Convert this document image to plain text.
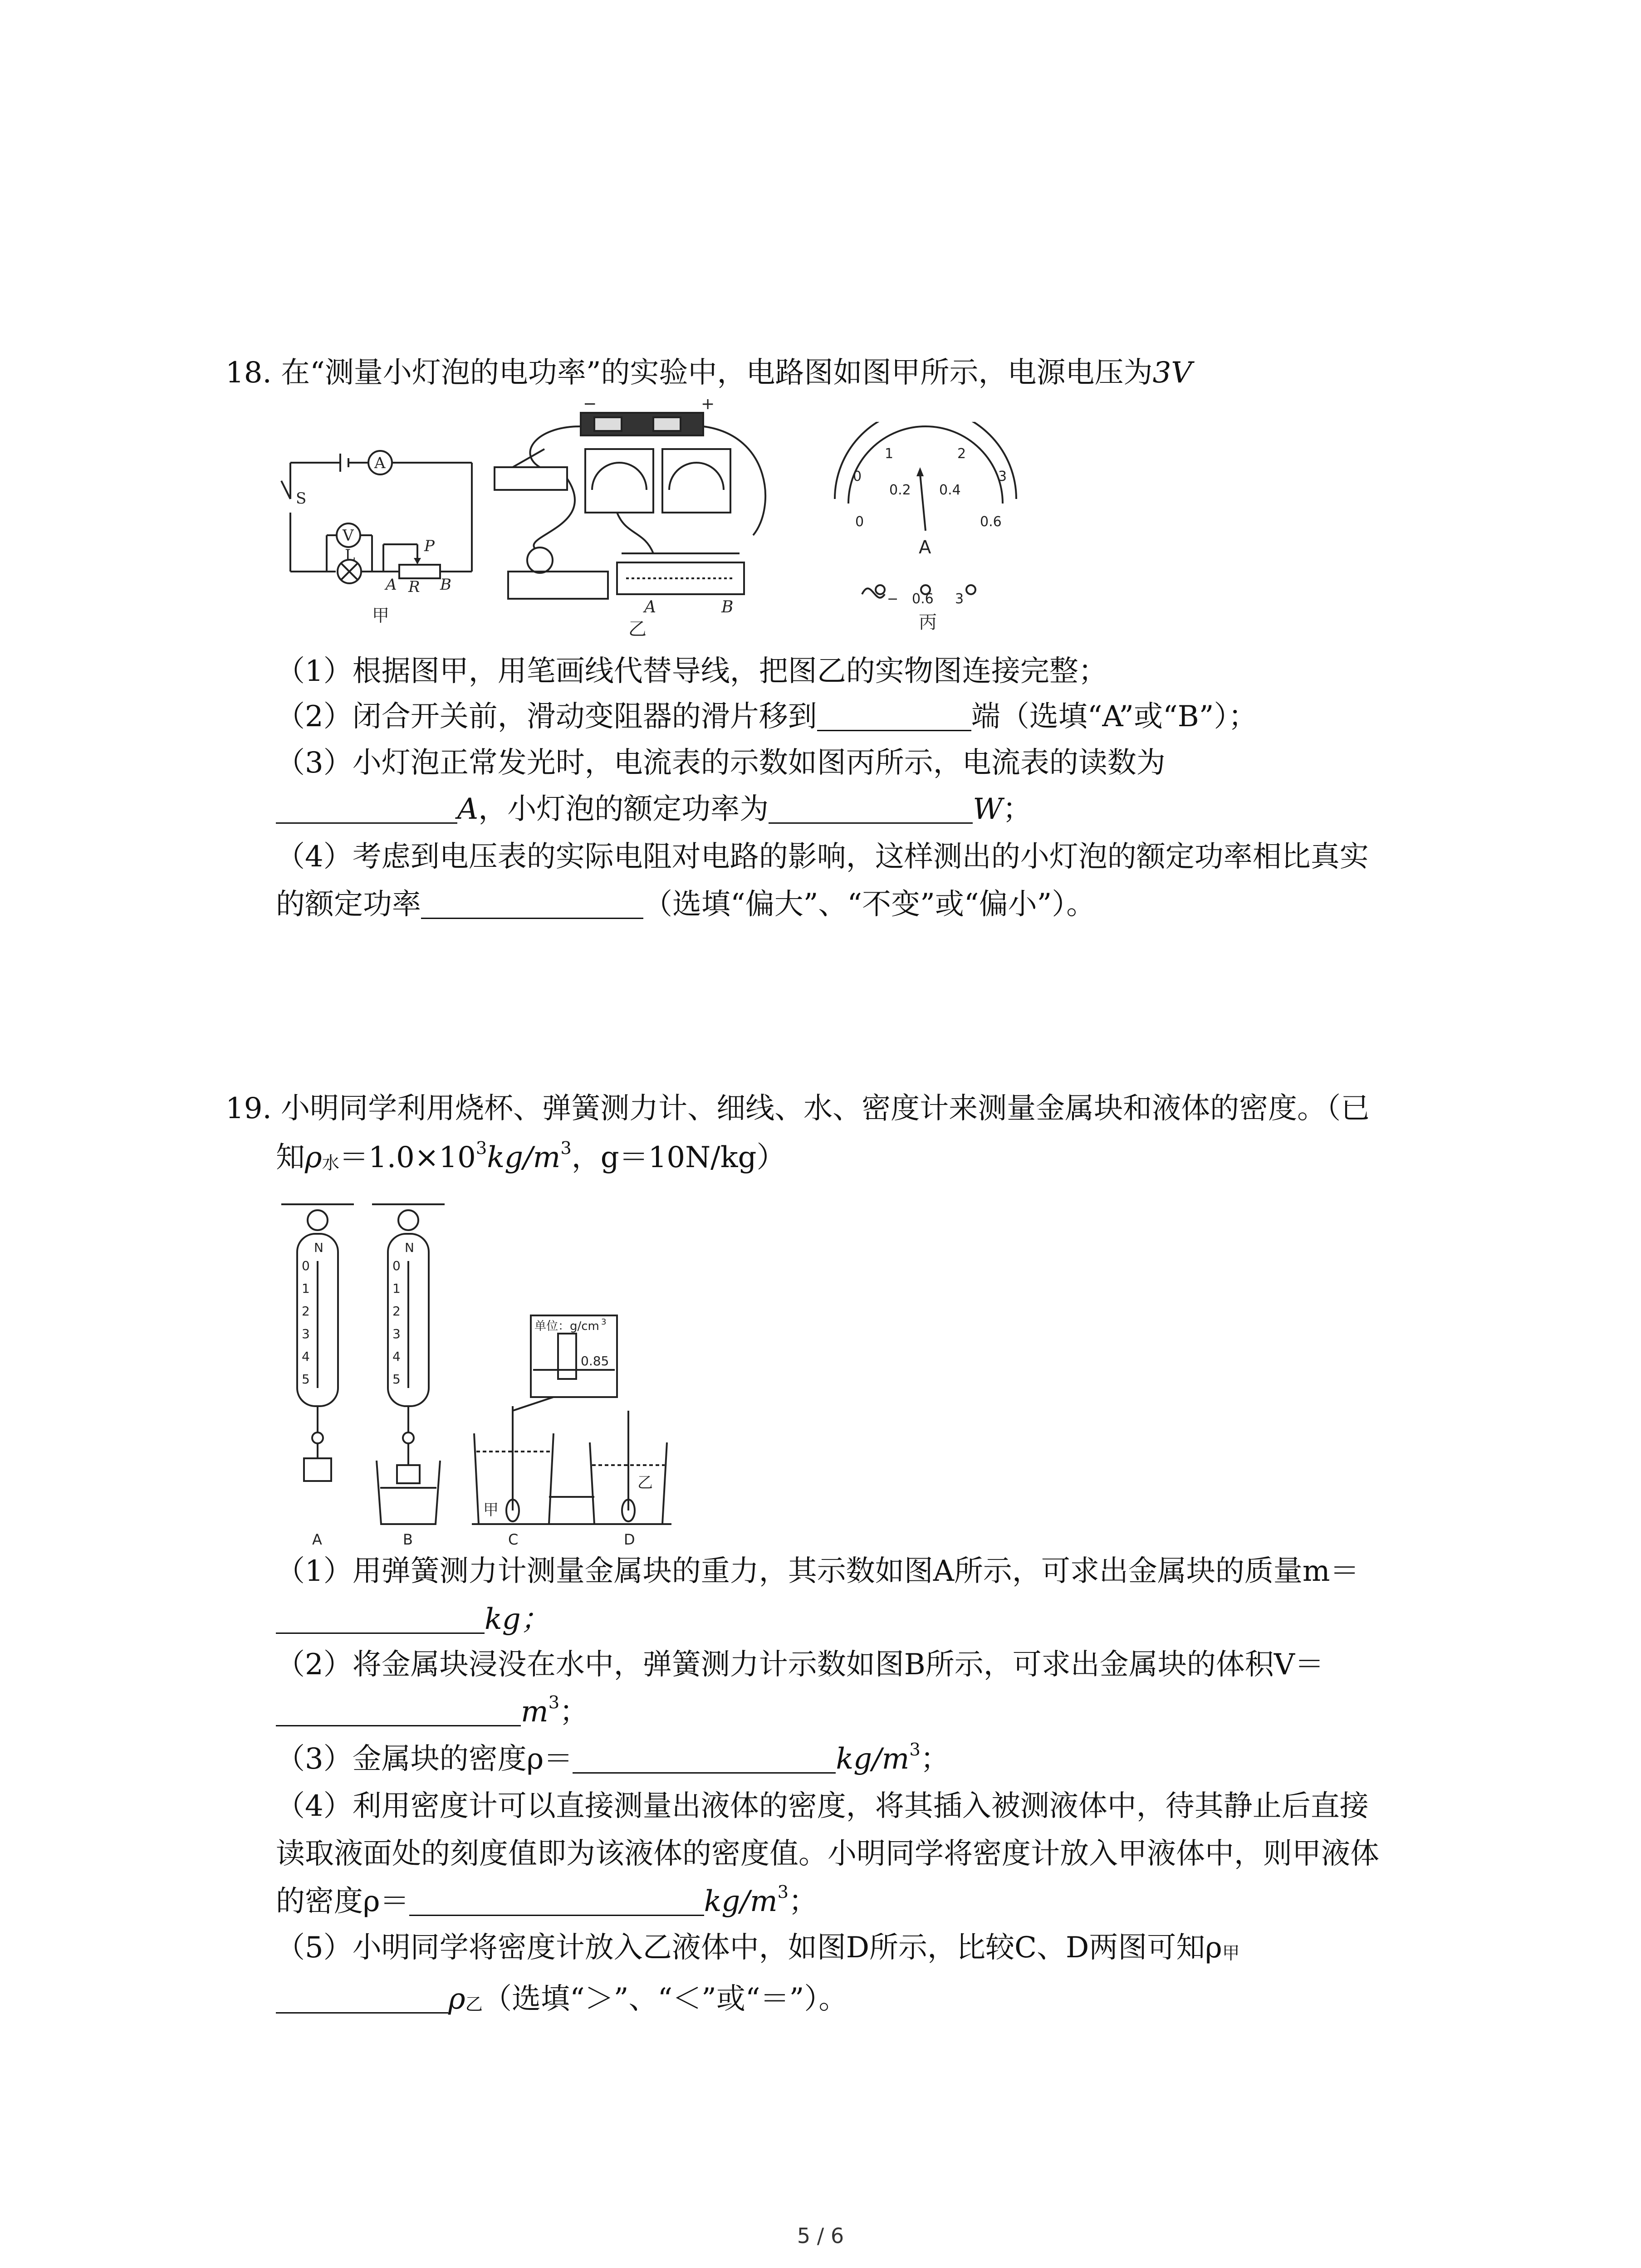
18. 在“测量小灯泡的电功率”的实验中，电路图如图甲所示，电源电压为3V
A
V
S
L	P
A R B
甲
−	+
A	B
乙
0
1	2
3
0
0.2 0.4
0.6
A
− 0.6 3
丙
（1）根据图甲，用笔画线代替导线，把图乙的实物图连接完整；
（2）闭合开关前，滑动变阻器的滑片移到	端（选填“A”或“B”）；
（3）小灯泡正常发光时，电流表的示数如图丙所示，电流表的读数为
A，小灯泡的额定功率为	W；
（4）考虑到电压表的实际电阻对电路的影响，这样测出的小灯泡的额定功率相比真实
的额定功率	（选填“偏大”、“不变”或“偏小”）。
19. 小明同学利用烧杯、弹簧测力计、细线、水、密度计来测量金属块和液体的密度。（已
知$\rho_水=1.0\times 10^3kg/m^3$，g＝10N/kg）
N	N
0
1
2
3
4
5
0
1
2
3
4
5
单位：g/cm 3
0.85
甲
乙
A	B	C	D
（1）用弹簧测力计测量金属块的重力，其示数如图A所示，可求出金属块的质量m＝
kg；
（2）将金属块浸没在水中，弹簧测力计示数如图B所示，可求出金属块的体积V＝
$m^3$；
（3）金属块的密度ρ＝	$kg/m^3$；
（4）利用密度计可以直接测量出液体的密度，将其插入被测液体中，待其静止后直接
读取液面处的刻度值即为该液体的密度值。小明同学将密度计放入甲液体中，则甲液体
的密度ρ＝	$kg/m^3$；
（5）小明同学将密度计放入乙液体中，如图D所示，比较C、D两图可知$\rho_甲$
$\rho_乙$（选填“＞”、“＜”或“＝”）。
5 / 6
